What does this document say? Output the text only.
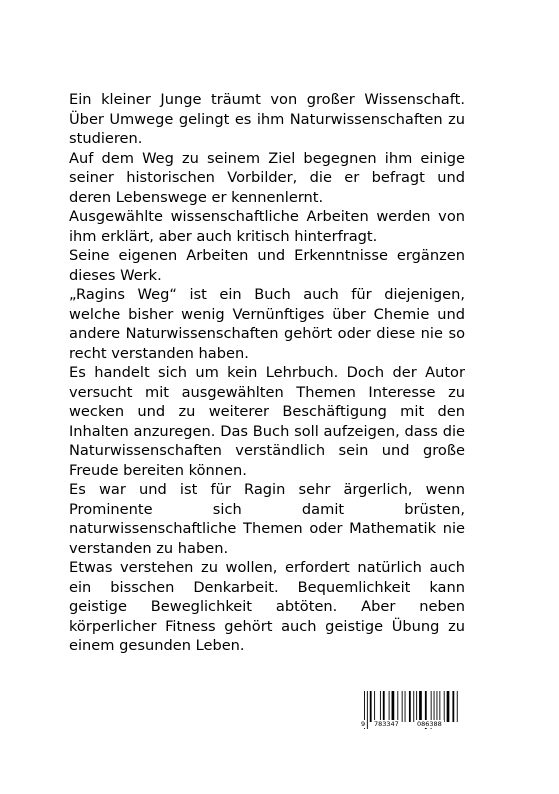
Ein kleiner Junge träumt von großer Wissenschaft. Über Umwege gelingt es ihm Naturwissenschaften zu studieren.

Auf dem Weg zu seinem Ziel begegnen ihm einige seiner historischen Vorbilder, die er befragt und deren Lebenswege er kennenlernt.

Ausgewählte wissenschaftliche Arbeiten werden von ihm erklärt, aber auch kritisch hinterfragt.

Seine eigenen Arbeiten und Erkenntnisse ergänzen dieses Werk.

„Ragins Weg“ ist ein Buch auch für diejenigen, welche bisher wenig Vernünftiges über Chemie und andere Naturwissenschaften gehört oder diese nie so recht verstanden haben.

Es handelt sich um kein Lehrbuch. Doch der Autor versucht mit ausgewählten Themen Interesse zu wecken und zu weiterer Beschäftigung mit den Inhalten anzuregen. Das Buch soll aufzeigen, dass die Naturwissenschaften verständlich sein und große Freude bereiten können.

Es war und ist für Ragin sehr ärgerlich, wenn Prominente sich damit brüsten, naturwissenschaftliche Themen oder Mathematik nie verstanden zu haben.

Etwas verstehen zu wollen, erfordert natürlich auch ein bisschen Denkarbeit. Bequemlichkeit kann geistige Beweglichkeit abtöten. Aber neben körperlicher Fitness gehört auch geistige Übung zu einem gesunden Leben.

9	783347	086388
